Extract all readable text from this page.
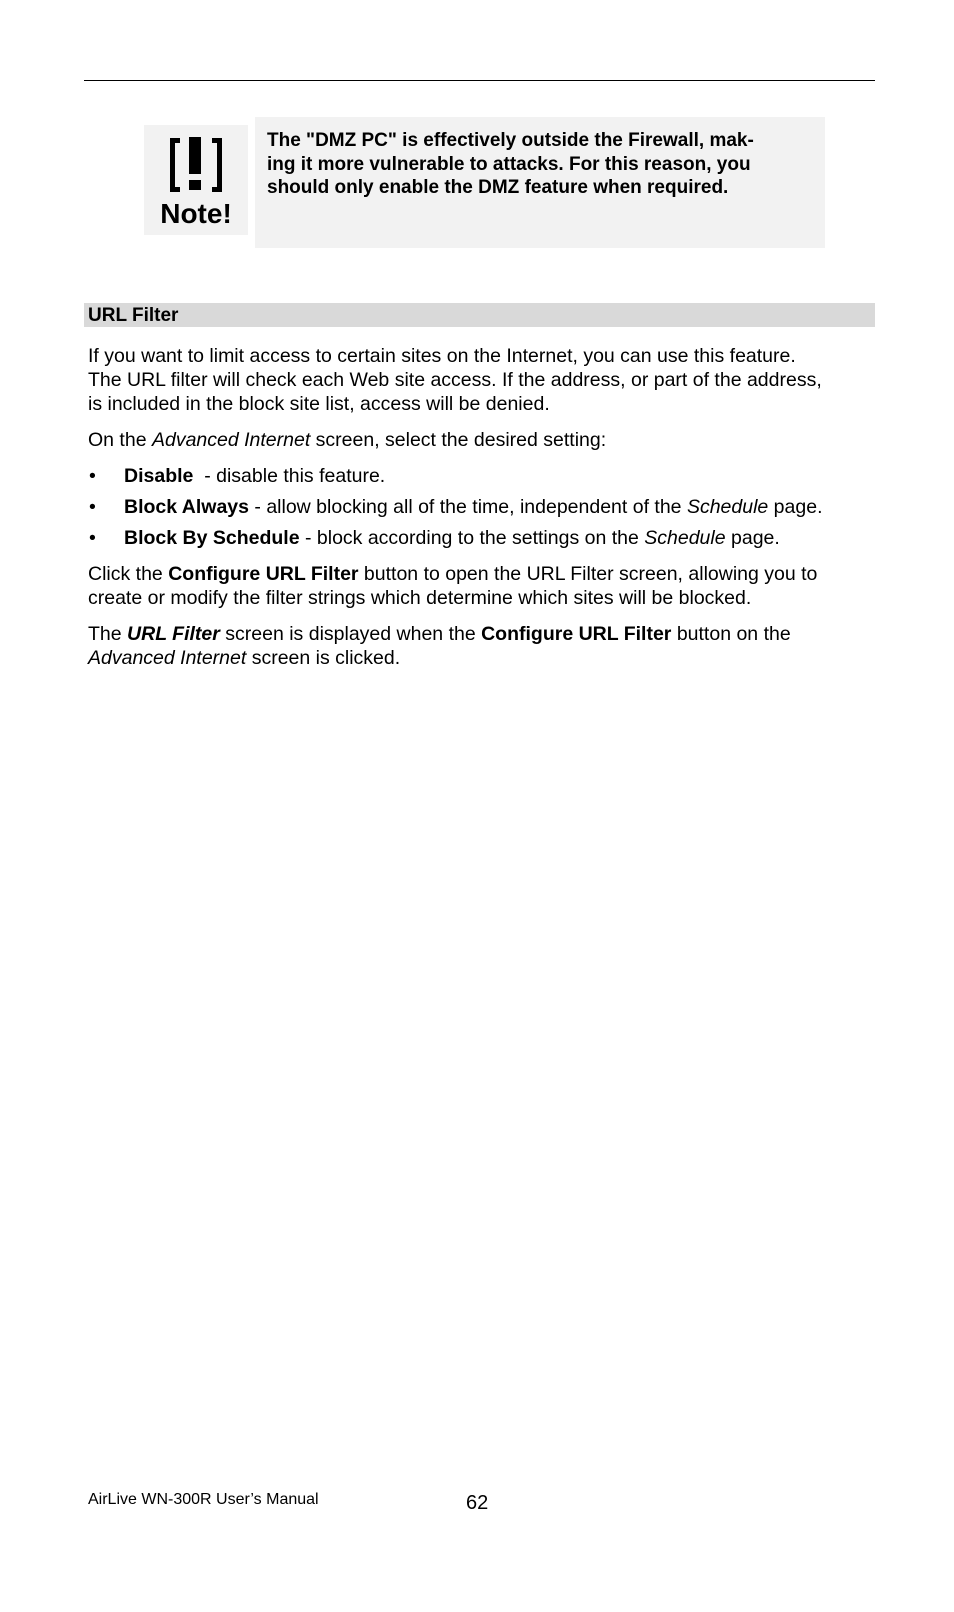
Note!
The "DMZ PC" is effectively outside the Firewall, mak-
ing it more vulnerable to attacks. For this reason, you
should only enable the DMZ feature when required.
URL Filter

If you want to limit access to certain sites on the Internet, you can use this feature.
The URL filter will check each Web site access. If the address, or part of the address,
is included in the block site list, access will be denied.

On the Advanced Internet screen, select the desired setting:

• Disable  - disable this feature.
• Block Always - allow blocking all of the time, independent of the Schedule page.
• Block By Schedule - block according to the settings on the Schedule page.

Click the Configure URL Filter button to open the URL Filter screen, allowing you to
create or modify the filter strings which determine which sites will be blocked.

The URL Filter screen is displayed when the Configure URL Filter button on the
Advanced Internet screen is clicked.

AirLive WN-300R User’s Manual	62
